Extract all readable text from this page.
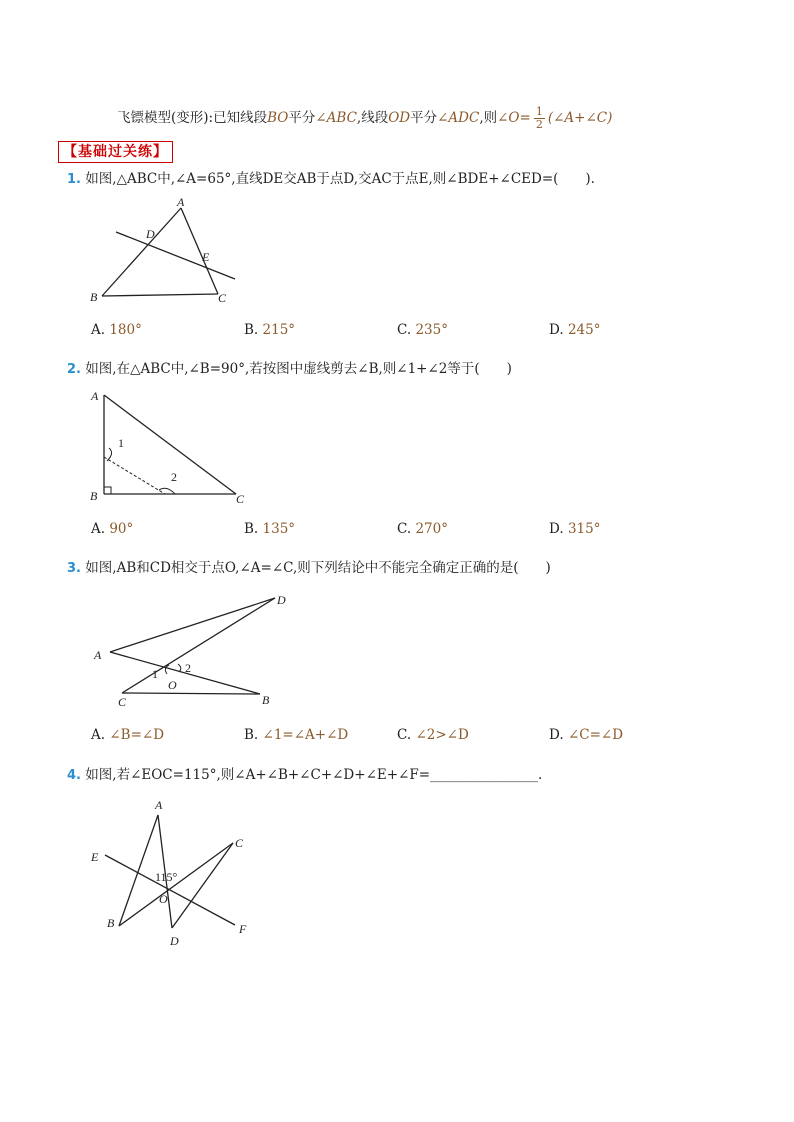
飞镖模型(变形):已知线段BO平分∠ABC,线段OD平分∠ADC,则∠O= $\frac{1}{2}$ (∠A+∠C)
【基础过关练】
1. 如图,△ABC中,∠A=65°,直线DE交AB于点D,交AC于点E,则∠BDE+∠CED=(　　).
A
B	C
D
E
A. 180°	B. 215°	C. 235°	D. 245°
2. 如图,在△ABC中,∠B=90°,若按图中虚线剪去∠B,则∠1+∠2等于(　　)
A
B	C
1
2
A. 90°	B. 135°	C. 270°	D. 315°
3. 如图,AB和CD相交于点O,∠A=∠C,则下列结论中不能完全确定正确的是(　　)
A
B
C
D
O
1 2
A. ∠B=∠D	B. ∠1=∠A+∠D	C. ∠2>∠D	D. ∠C=∠D
4. 如图,若∠EOC=115°,则∠A+∠B+∠C+∠D+∠E+∠F=________________.
A
B
C
D
E
F
O
115°
